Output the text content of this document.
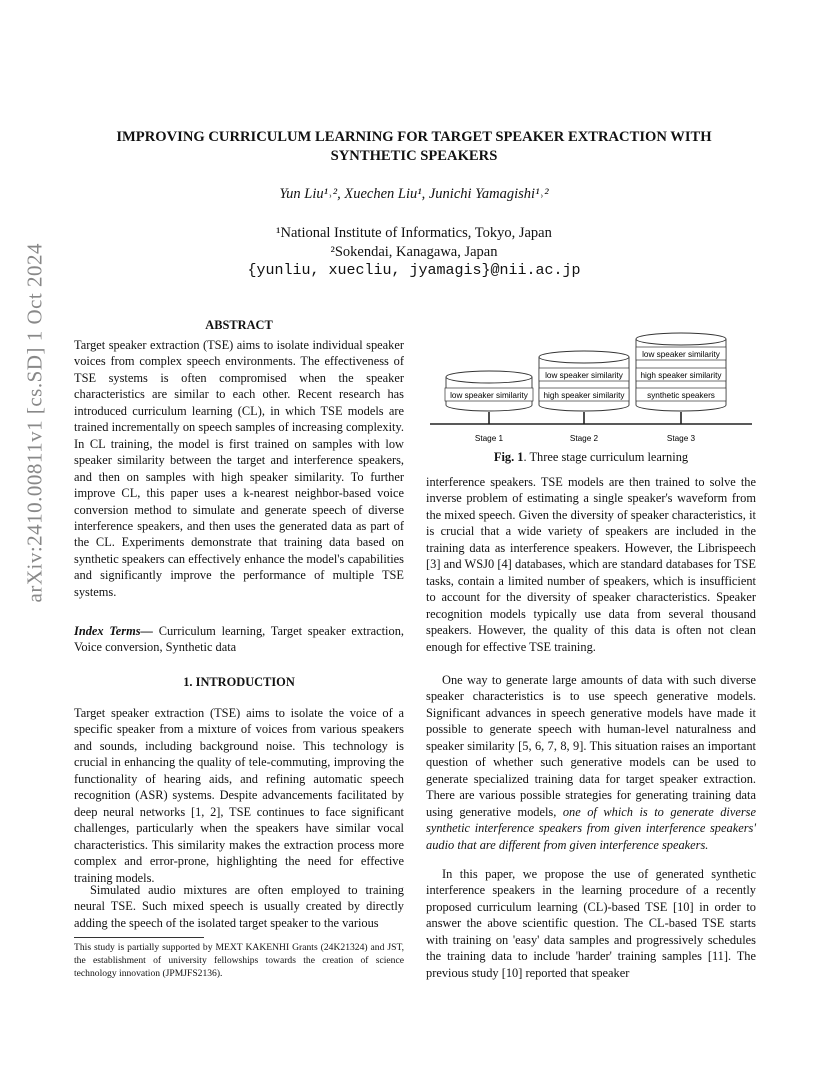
arXiv:2410.00811v1 [cs.SD] 1 Oct 2024
IMPROVING CURRICULUM LEARNING FOR TARGET SPEAKER EXTRACTION WITH
SYNTHETIC SPEAKERS
Yun Liu¹˒², Xuechen Liu¹, Junichi Yamagishi¹˒²
¹National Institute of Informatics, Tokyo, Japan
²Sokendai, Kanagawa, Japan
{yunliu, xuecliu, jyamagis}@nii.ac.jp
ABSTRACT
Target speaker extraction (TSE) aims to isolate individual speaker voices from complex speech environments. The effectiveness of TSE systems is often compromised when the speaker characteristics are similar to each other. Recent research has introduced curriculum learning (CL), in which TSE models are trained incrementally on speech samples of increasing complexity. In CL training, the model is first trained on samples with low speaker similarity between the target and interference speakers, and then on samples with high speaker similarity. To further improve CL, this paper uses a k-nearest neighbor-based voice conversion method to simulate and generate speech of diverse interference speakers, and then uses the generated data as part of the CL. Experiments demonstrate that training data based on synthetic speakers can effectively enhance the model's capabilities and significantly improve the performance of multiple TSE systems.
Index Terms— Curriculum learning, Target speaker extraction, Voice conversion, Synthetic data
1. INTRODUCTION
Target speaker extraction (TSE) aims to isolate the voice of a specific speaker from a mixture of voices from various speakers and sounds, including background noise. This technology is crucial in enhancing the quality of tele-commuting, improving the functionality of hearing aids, and refining automatic speech recognition (ASR) systems. Despite advancements facilitated by deep neural networks [1, 2], TSE continues to face significant challenges, particularly when the speakers have similar vocal characteristics. This similarity makes the extraction process more complex and error-prone, highlighting the need for effective training models.
Simulated audio mixtures are often employed to training neural TSE. Such mixed speech is usually created by directly adding the speech of the isolated target speaker to the various
This study is partially supported by MEXT KAKENHI Grants (24K21324) and JST, the establishment of university fellowships towards the creation of science technology innovation (JPMJFS2136).
low speaker similarity
low speaker similarity
high speaker similarity
low speaker similarity
high speaker similarity
synthetic speakers
Stage 1	Stage 2	Stage 3
Fig. 1. Three stage curriculum learning
interference speakers. TSE models are then trained to solve the inverse problem of estimating a single speaker's waveform from the mixed speech. Given the diversity of speaker characteristics, it is crucial that a wide variety of speakers are included in the training data as interference speakers. However, the Librispeech [3] and WSJ0 [4] databases, which are standard databases for TSE tasks, contain a limited number of speakers, which is insufficient to account for the diversity of speaker characteristics. Speaker recognition models typically use data from several thousand speakers. However, the quality of this data is often not clean enough for effective TSE training.
One way to generate large amounts of data with such diverse speaker characteristics is to use speech generative models. Significant advances in speech generative models have made it possible to generate speech with human-level naturalness and speaker similarity [5, 6, 7, 8, 9]. This situation raises an important question of whether such generative models can be used to generate specialized training data for target speaker extraction. There are various possible strategies for generating training data using generative models, one of which is to generate diverse synthetic interference speakers from given interference speakers' audio that are different from given interference speakers.
In this paper, we propose the use of generated synthetic interference speakers in the learning procedure of a recently proposed curriculum learning (CL)-based TSE [10] in order to answer the above scientific question. The CL-based TSE starts with training on 'easy' data samples and progressively schedules the training data to include 'harder' training samples [11]. The previous study [10] reported that speaker
